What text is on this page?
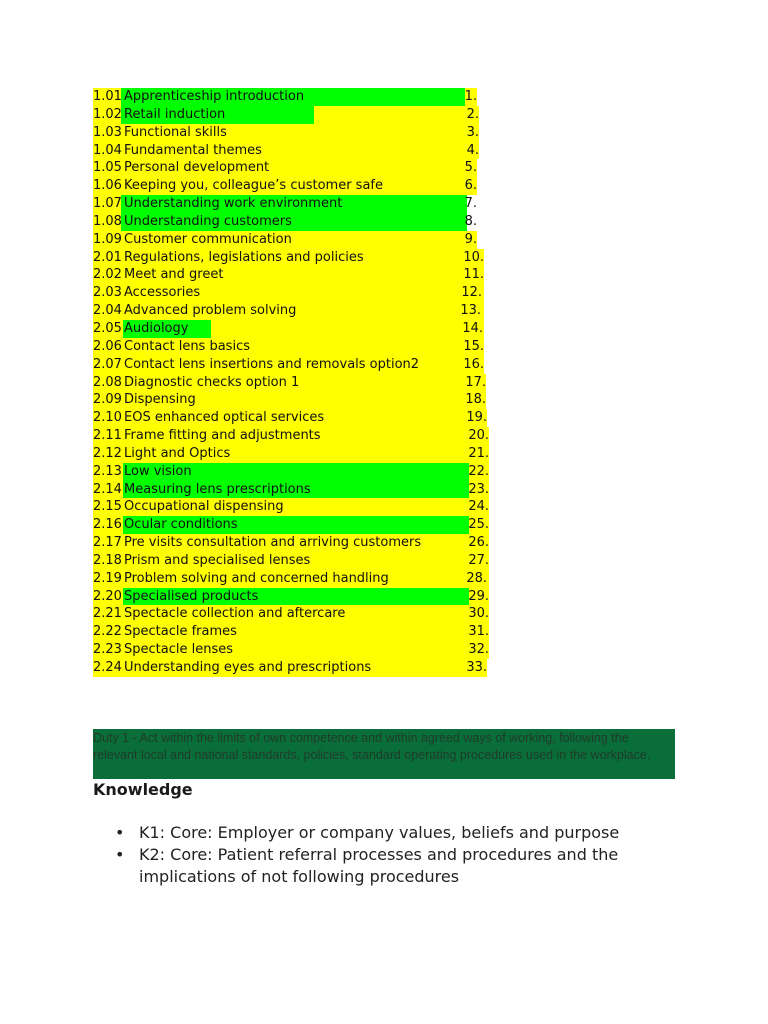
1.01 Apprenticeship introduction	1.
1.02 Retail induction	2.
1.03 Functional skills	3.
1.04 Fundamental themes	4.
1.05 Personal development	5.
1.06 Keeping you, colleague’s customer safe	6.
1.07 Understanding work environment	7.
1.08 Understanding customers	8.
1.09 Customer communication	9.
2.01 Regulations, legislations and policies	10.
2.02 Meet and greet	11.
2.03 Accessories	12.
2.04 Advanced problem solving	13.
2.05 Audiology	14.
2.06 Contact lens basics	15.
2.07 Contact lens insertions and removals option2	16.
2.08 Diagnostic checks option 1	17.
2.09 Dispensing	18.
2.10 EOS enhanced optical services	19.
2.11 Frame fitting and adjustments	20.
2.12 Light and Optics	21.
2.13 Low vision	22.
2.14 Measuring lens prescriptions	23.
2.15 Occupational dispensing	24.
2.16 Ocular conditions	25.
2.17 Pre visits consultation and arriving customers	26.
2.18 Prism and specialised lenses	27.
2.19 Problem solving and concerned handling	28.
2.20 Specialised products	29.
2.21 Spectacle collection and aftercare	30.
2.22 Spectacle frames	31.
2.23 Spectacle lenses	32.
2.24 Understanding eyes and prescriptions	33.
Duty 1 - Act within the limits of own competence and within agreed ways of working, following the relevant local and national standards, policies, standard operating procedures used in the workplace.
Knowledge
• K1: Core: Employer or company values, beliefs and purpose
• K2: Core: Patient referral processes and procedures and the implications of not following procedures
